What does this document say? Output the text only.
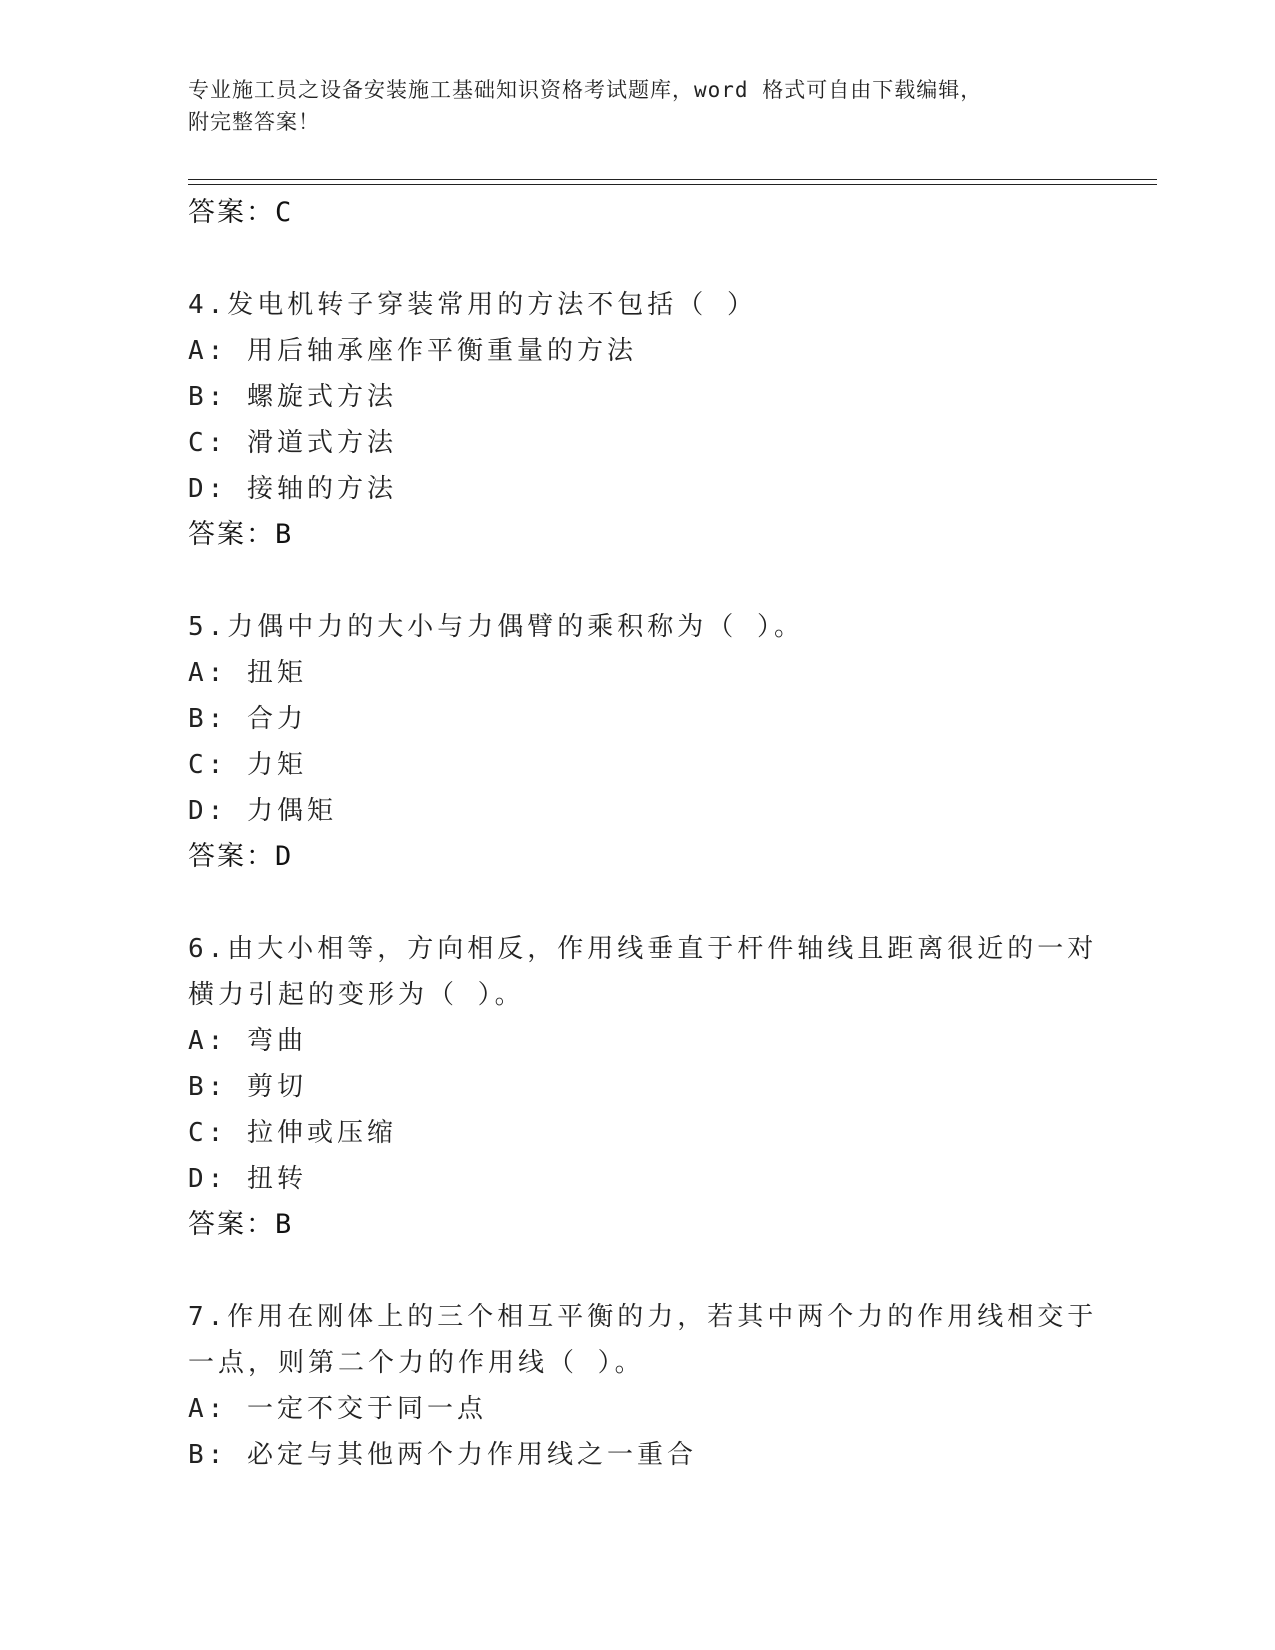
专业施工员之设备安装施工基础知识资格考试题库，word 格式可自由下载编辑，
附完整答案！
答案：C
4.发电机转子穿装常用的方法不包括（ ）
A: 用后轴承座作平衡重量的方法
B: 螺旋式方法
C: 滑道式方法
D: 接轴的方法
答案：B
5.力偶中力的大小与力偶臂的乘积称为（ ）。
A: 扭矩
B: 合力
C: 力矩
D: 力偶矩
答案：D
6.由大小相等，方向相反，作用线垂直于杆件轴线且距离很近的一对
横力引起的变形为（ ）。
A: 弯曲
B: 剪切
C: 拉伸或压缩
D: 扭转
答案：B
7.作用在刚体上的三个相互平衡的力，若其中两个力的作用线相交于
一点，则第二个力的作用线（ ）。
A: 一定不交于同一点
B: 必定与其他两个力作用线之一重合
